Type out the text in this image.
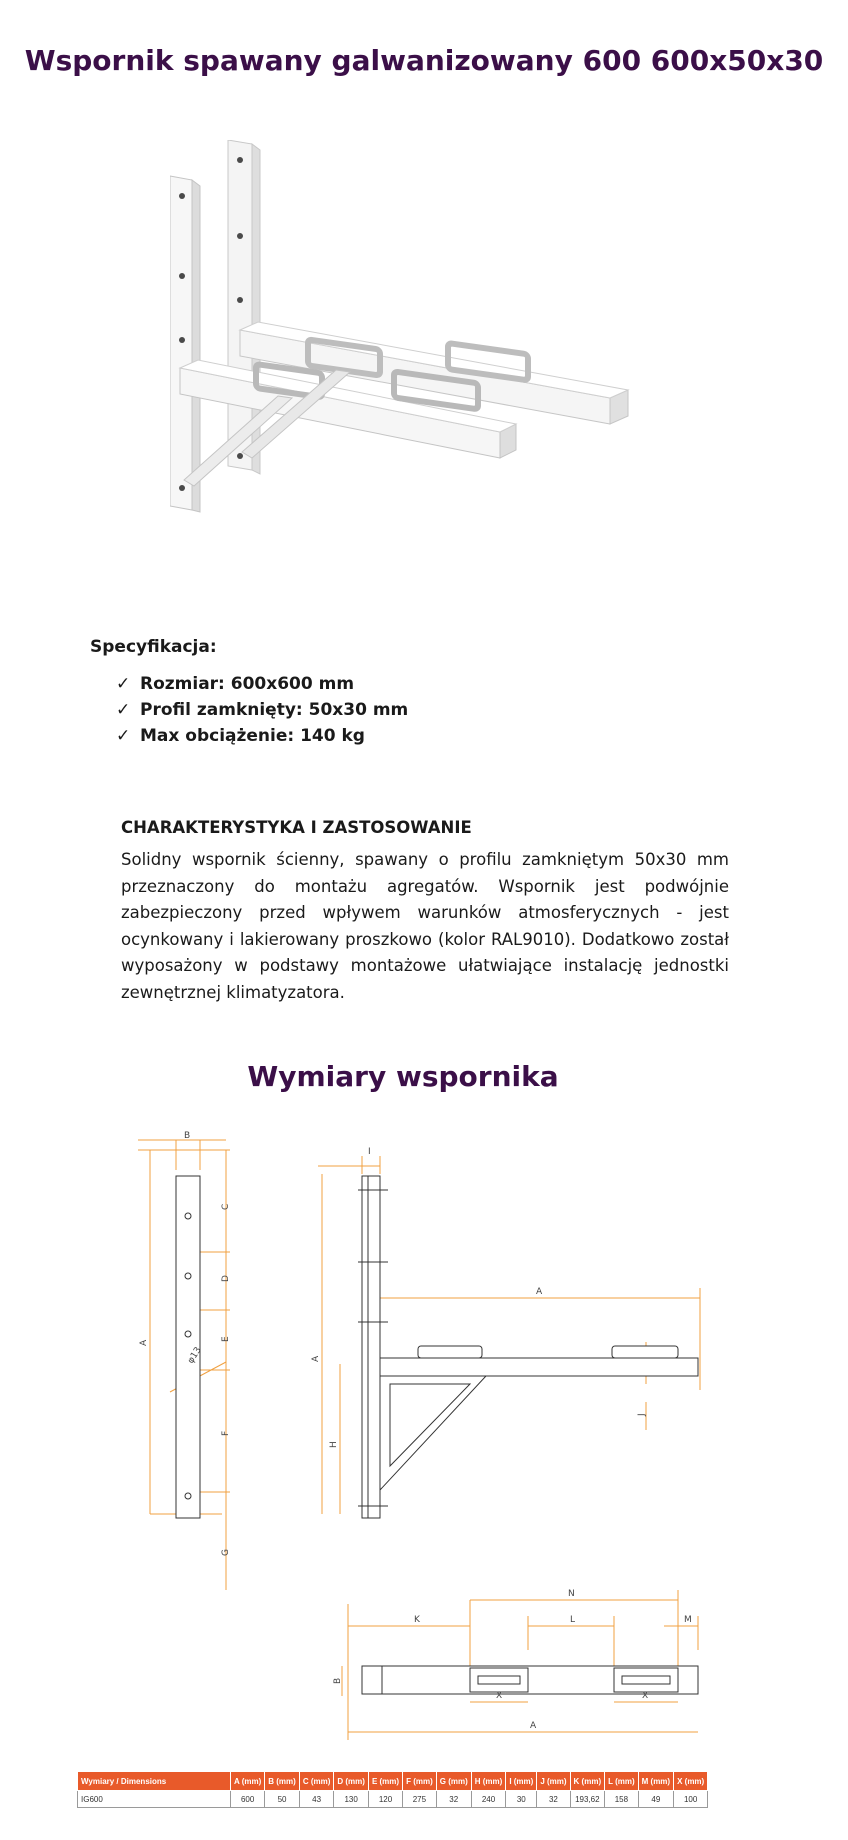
Wspornik spawany galwanizowany 600 600x50x30
Specyfikacja:
✓ Rozmiar: 600x600 mm
✓ Profil zamknięty: 50x30 mm
✓ Max obciążenie: 140 kg
CHARAKTERYSTYKA I ZASTOSOWANIE

Solidny wspornik ścienny, spawany o profilu zamkniętym 50x30 mm przeznaczony do montażu agregatów. Wspornik jest podwójnie zabezpieczony przed wpływem warunków atmosferycznych - jest ocynkowany i lakierowany proszkowo (kolor RAL9010). Dodatkowo został wyposażony w podstawy montażowe ułatwiające instalację jednostki zewnętrznej klimatyzatora.

Wymiary wspornika
B
C
D
E
F
G
A
φ13
I
A
H
A
J
N
K	L	M
B
X	X
A
Wymiary / Dimensions	A (mm)	B (mm)	C (mm)	D (mm)	E (mm)	F (mm)	G (mm)	H (mm)	I (mm)	J (mm)	K (mm)	L (mm)	M (mm)	X (mm)
IG600	600	50	43	130	120	275	32	240	30	32	193,62	158	49	100
